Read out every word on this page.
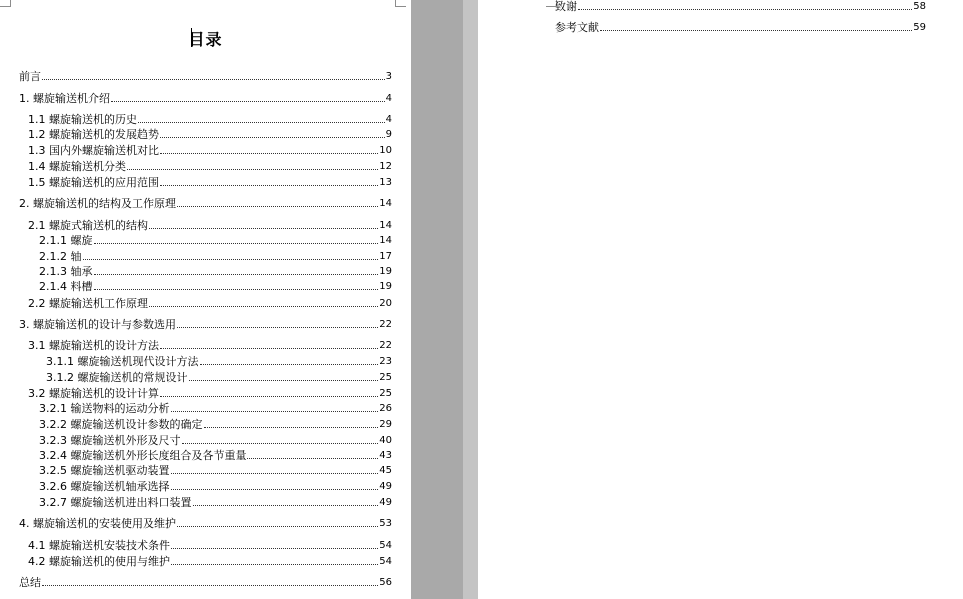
目录
前言	3
1. 螺旋输送机介绍	4
1.1 螺旋输送机的历史	4
1.2 螺旋输送机的发展趋势	9
1.3 国内外螺旋输送机对比	10
1.4 螺旋输送机分类	12
1.5 螺旋输送机的应用范围	13
2. 螺旋输送机的结构及工作原理	14
2.1 螺旋式输送机的结构	14
2.1.1 螺旋	14
2.1.2 轴	17
2.1.3 轴承	19
2.1.4 料槽	19
2.2 螺旋输送机工作原理	20
3. 螺旋输送机的设计与参数选用	22
3.1 螺旋输送机的设计方法	22
3.1.1 螺旋输送机现代设计方法	23
3.1.2 螺旋输送机的常规设计	25
3.2 螺旋输送机的设计计算	25
3.2.1 输送物料的运动分析	26
3.2.2 螺旋输送机设计参数的确定	29
3.2.3 螺旋输送机外形及尺寸	40
3.2.4 螺旋输送机外形长度组合及各节重量	43
3.2.5 螺旋输送机驱动装置	45
3.2.6 螺旋输送机轴承选择	49
3.2.7 螺旋输送机进出料口装置	49
4. 螺旋输送机的安装使用及维护	53
4.1 螺旋输送机安装技术条件	54
4.2 螺旋输送机的使用与维护	54
总结	56
致谢	58
参考文献	59
